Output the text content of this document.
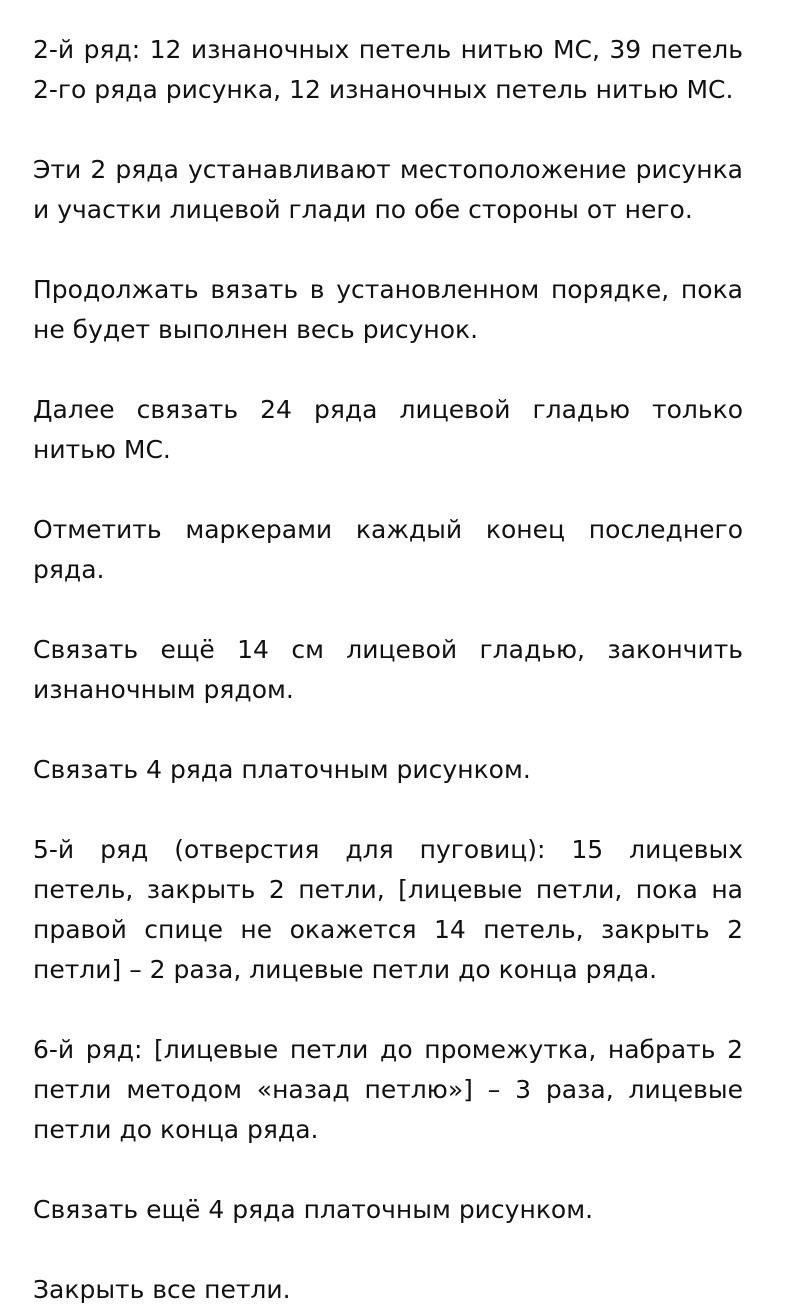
2-й ряд: 12 изнаночных петель нитью МС, 39 петель 2-го ряда рисунка, 12 изнаночных петель нитью МС.

Эти 2 ряда устанавливают местоположение рисунка и участки лицевой глади по обе стороны от него.

Продолжать вязать в установленном порядке, пока не будет выполнен весь рисунок.

Далее связать 24 ряда лицевой гладью только нитью МС.

Отметить маркерами каждый конец последнего ряда.

Связать ещё 14 см лицевой гладью, закончить изнаночным рядом.

Связать 4 ряда платочным рисунком.

5-й ряд (отверстия для пуговиц): 15 лицевых петель, закрыть 2 петли, [лицевые петли, пока на правой спице не окажется 14 петель, закрыть 2 петли] – 2 раза, лицевые петли до конца ряда.

6-й ряд: [лицевые петли до промежутка, набрать 2 петли методом «назад петлю»] – 3 раза, лицевые петли до конца ряда.

Связать ещё 4 ряда платочным рисунком.

Закрыть все петли.
